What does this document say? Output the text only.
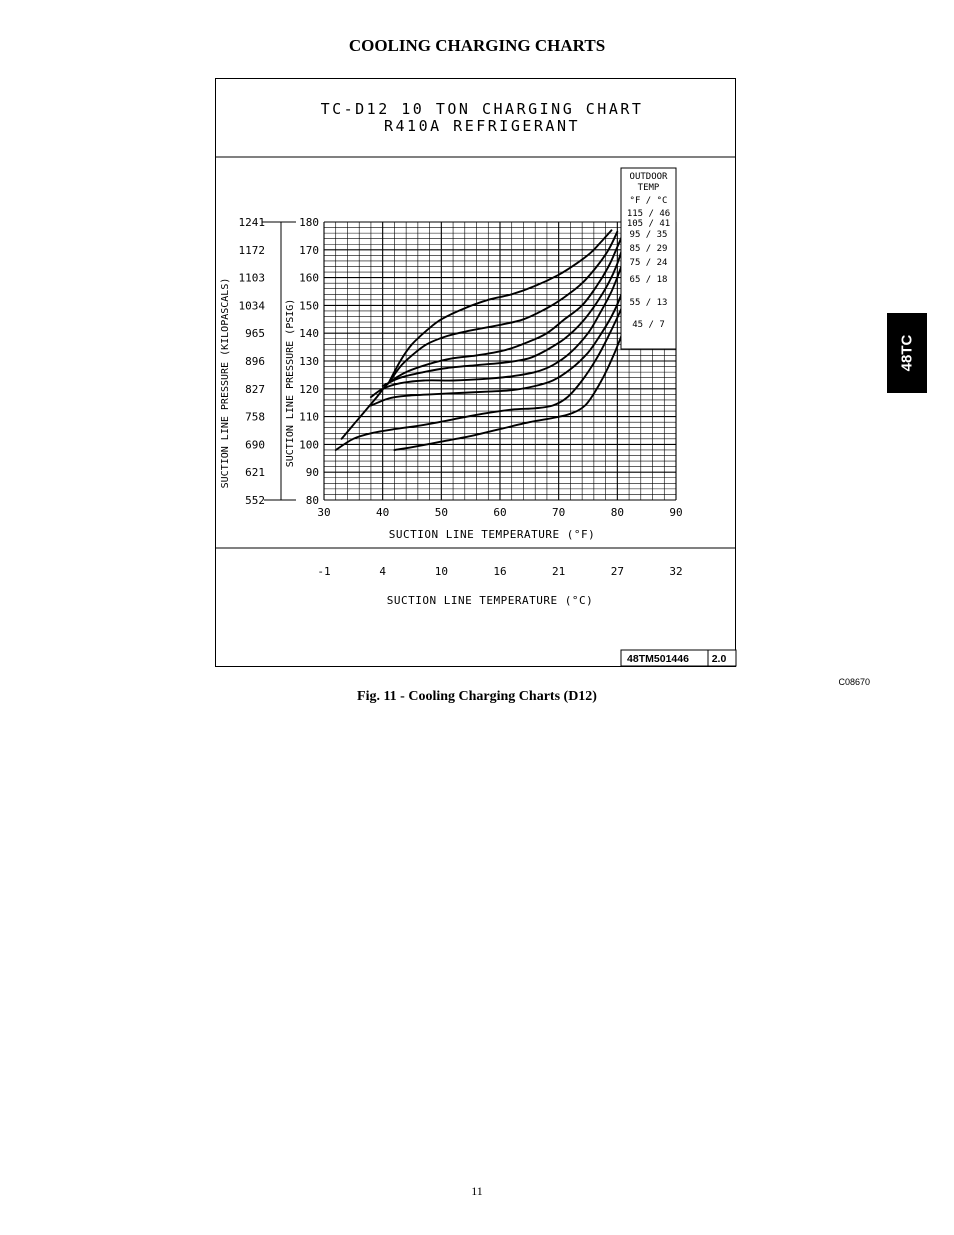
COOLING CHARGING CHARTS
TC-D12 10 TON CHARGING CHART
R410A REFRIGERANT
30	40	50	60	70	80	90
-1	4	10	16	21	27	32
80
90
100
110
120
130
140
150
160
170
180
552
621
690
758
827
896
965
1034
1103
1172
1241
SUCTION LINE TEMPERATURE (°F)
SUCTION LINE TEMPERATURE (°C)
SUCTION LINE PRESSURE (PSIG)
SUCTION LINE PRESSURE (KILOPASCALS)
OUTDOOR
TEMP
°F / °C
115 / 46
105 / 41
95 / 35
85 / 29
75 / 24
65 / 18
55 / 13
45 / 7
48TM501446 2.0
48TC
C08670
Fig. 11 - Cooling Charging Charts (D12)
11
